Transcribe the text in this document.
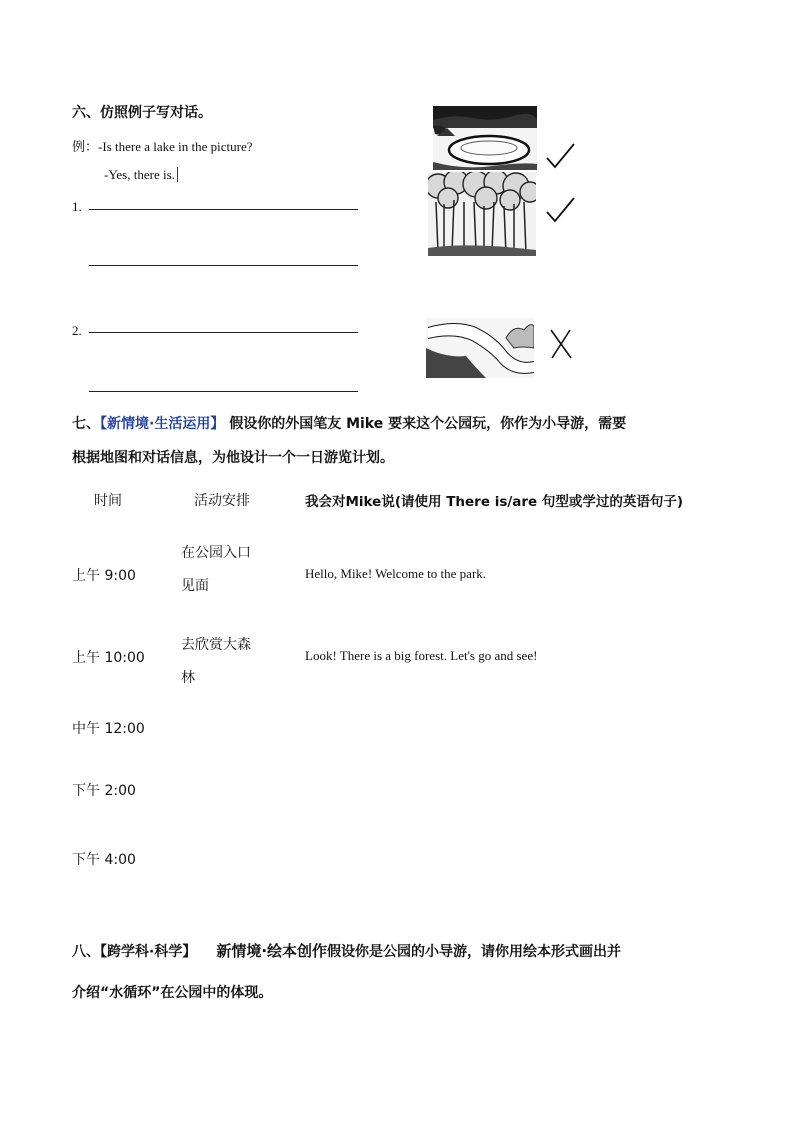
六、仿照例子写对话。
例：-Is there a lake in the picture?
-Yes, there is.
1.
2.
七、【新情境·生活运用】 假设你的外国笔友 Mike 要来这个公园玩，你作为小导游，需要
根据地图和对话信息，为他设计一个一日游览计划。
时间	活动安排	我会对Mike说(请使用 There is/are 句型或学过的英语句子)
上午 9:00
在公园入口
见面
Hello, Mike! Welcome to the park.
上午 10:00
去欣赏大森
林
Look! There is a big forest. Let's go and see!
中午 12:00
下午 2:00
下午 4:00
八、【跨学科·科学】 新情境·绘本创作假设你是公园的小导游，请你用绘本形式画出并
介绍“水循环”在公园中的体现。
